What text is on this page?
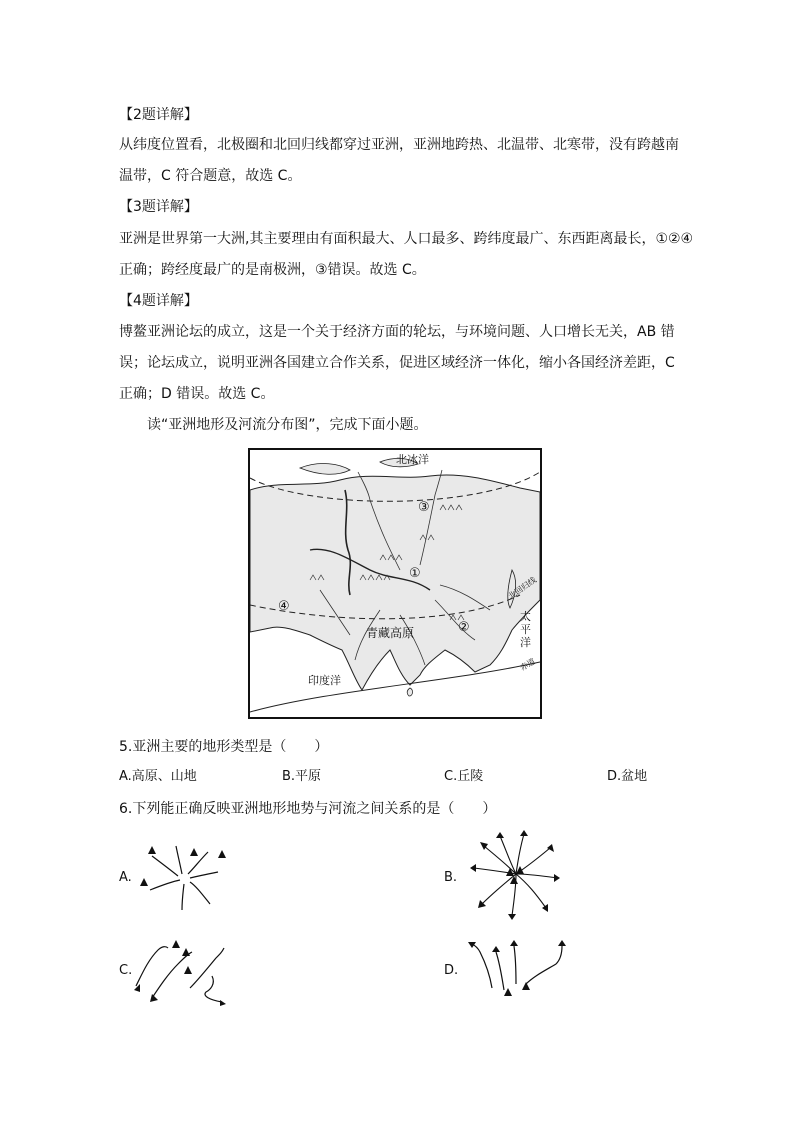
【2题详解】
从纬度位置看，北极圈和北回归线都穿过亚洲，亚洲地跨热、北温带、北寒带，没有跨越南
温带，C 符合题意，故选 C。
【3题详解】
亚洲是世界第一大洲,其主要理由有面积最大、人口最多、跨纬度最广、东西距离最长，①②④
正确；跨经度最广的是南极洲，③错误。故选 C。
【4题详解】
博鳌亚洲论坛的成立，这是一个关于经济方面的轮坛，与环境问题、人口增长无关，AB 错
误；论坛成立，说明亚洲各国建立合作关系，促进区域经济一体化，缩小各国经济差距，C
正确；D 错误。故选 C。
读“亚洲地形及河流分布图”，完成下面小题。
北冰洋
青藏高原
北回归线
太平洋
印度洋
赤道
③
①
②
④
5.亚洲主要的地形类型是（　　）
A.高原、山地	B.平原	C.丘陵	D.盆地
6.下列能正确反映亚洲地形地势与河流之间关系的是（　　）
A.	B.
C.	D.
